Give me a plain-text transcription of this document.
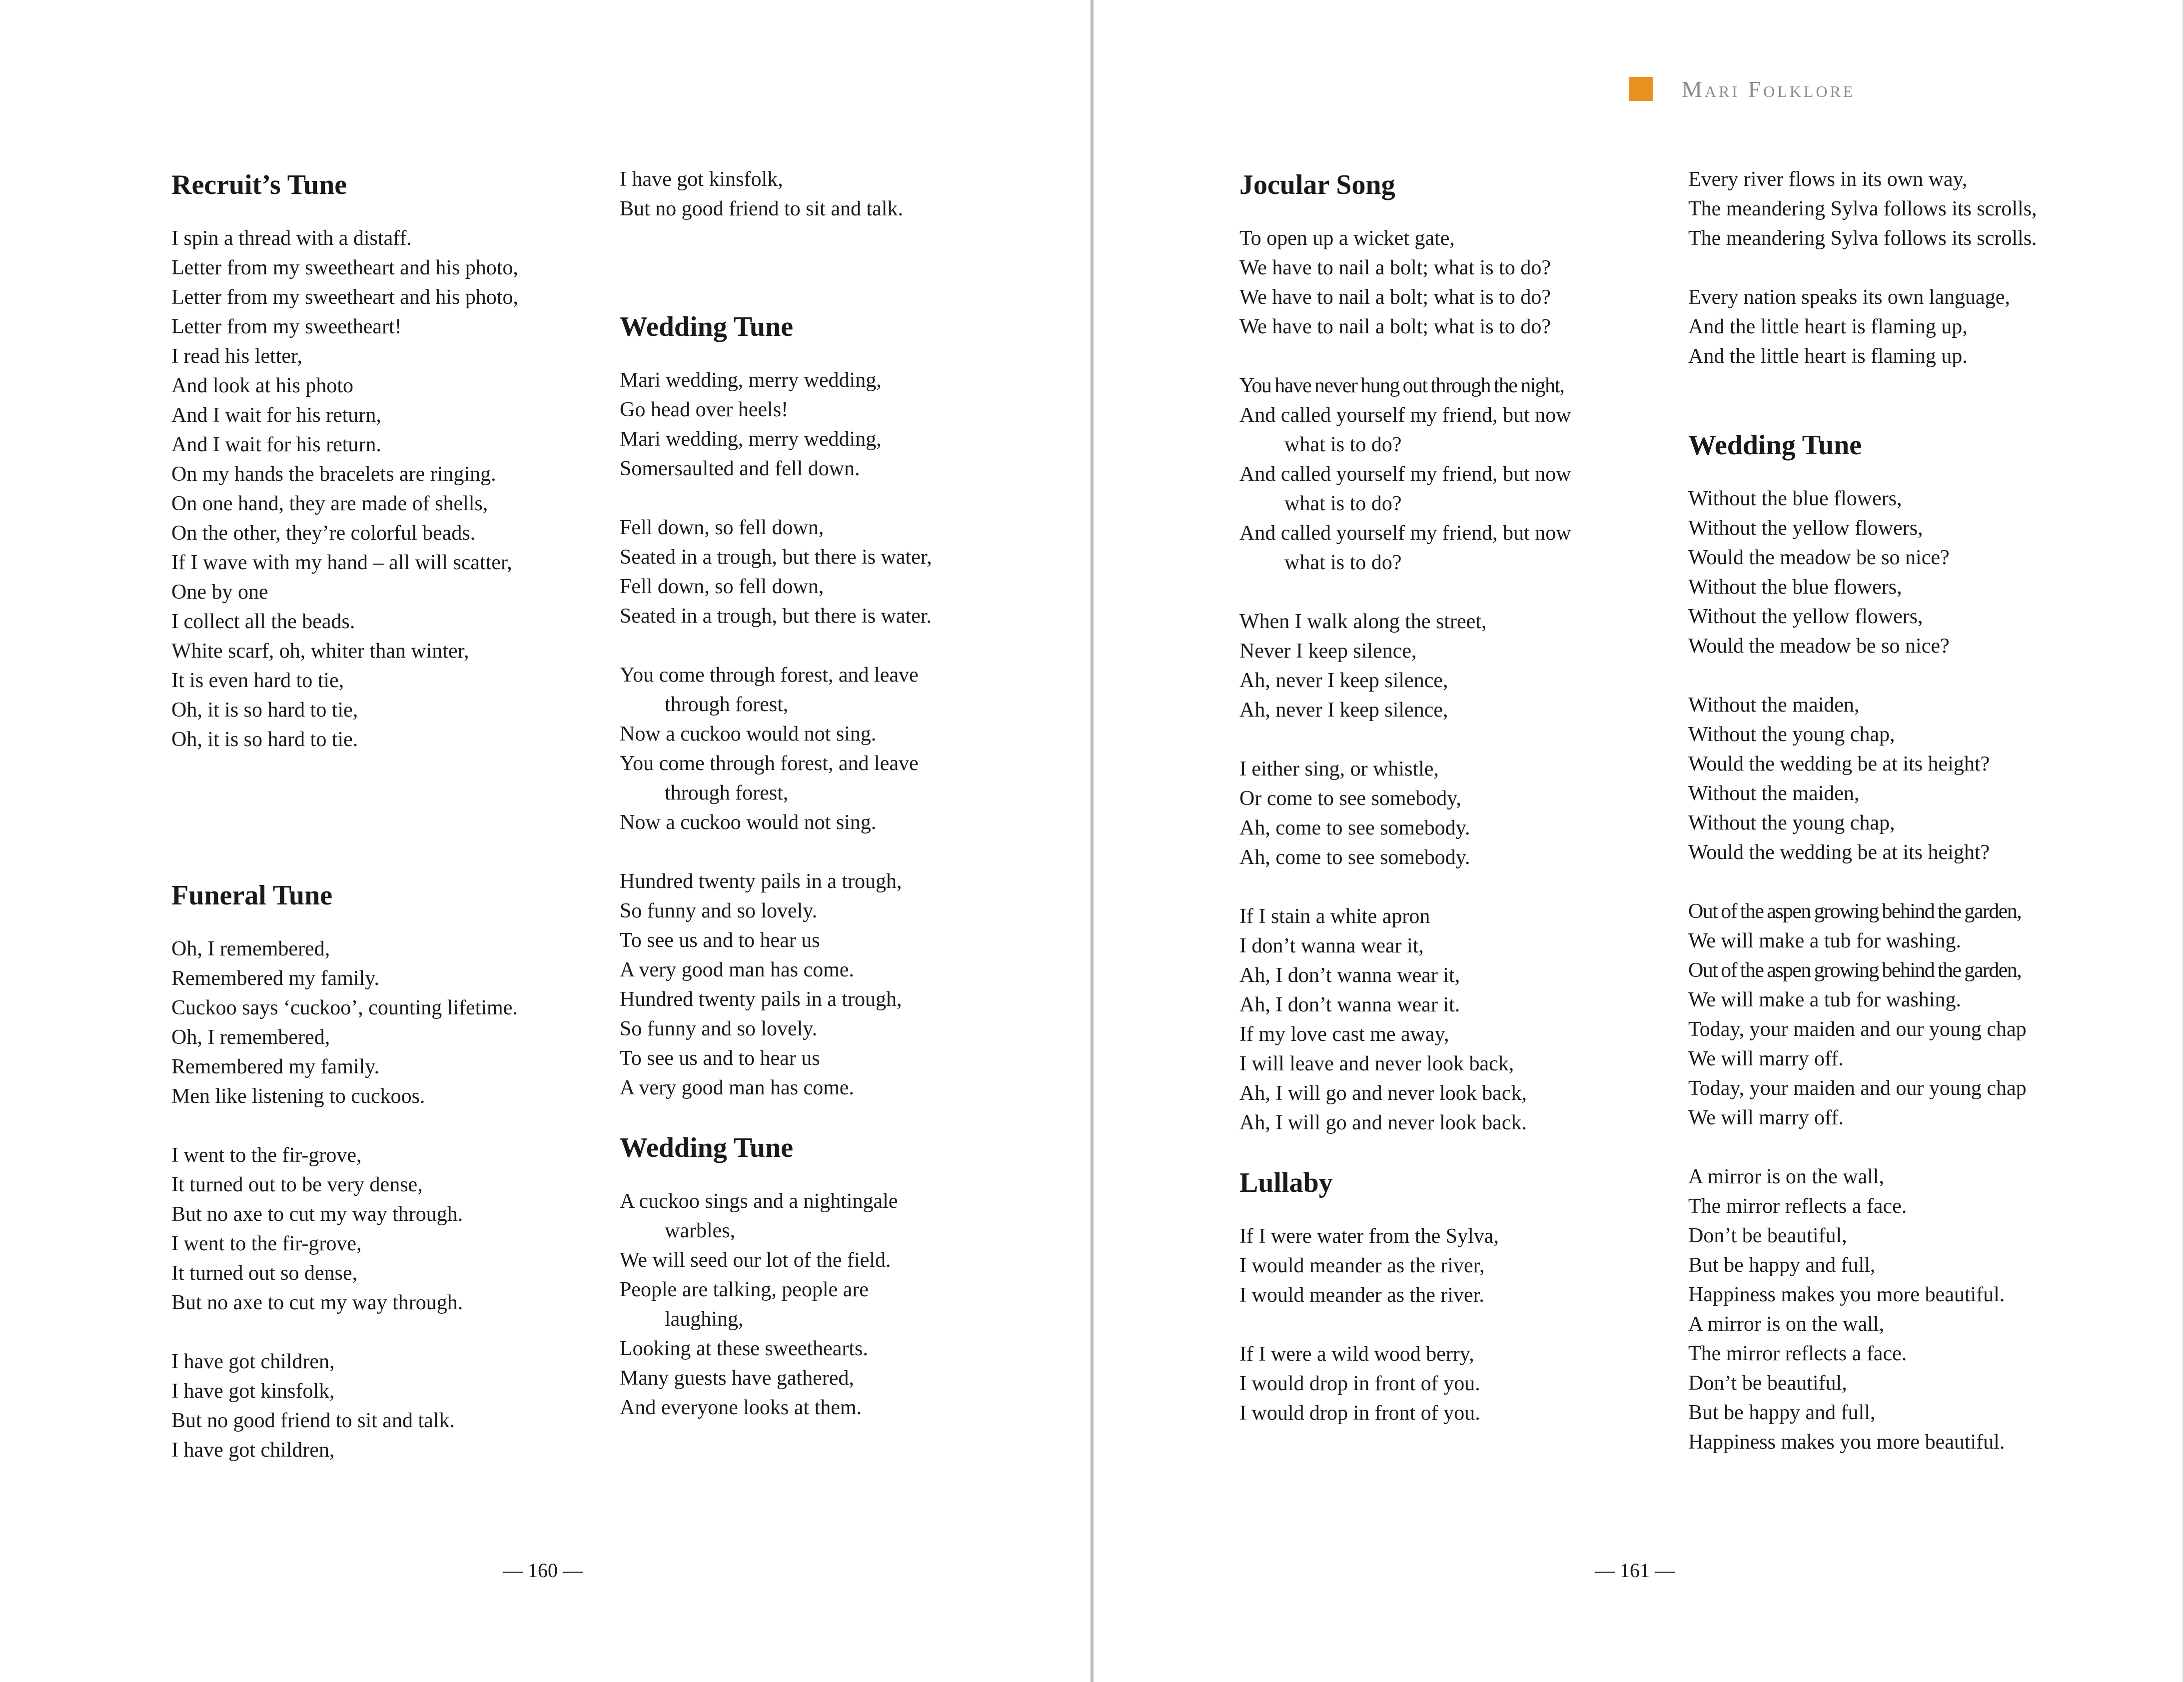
Recruit’s Tune
I spin a thread with a distaff.
Letter from my sweetheart and his photo,
Letter from my sweetheart and his photo,
Letter from my sweetheart!
I read his letter,
And look at his photo
And I wait for his return,
And I wait for his return.
On my hands the bracelets are ringing.
On one hand, they are made of shells,
On the other, they’re colorful beads.
If I wave with my hand – all will scatter,
One by one
I collect all the beads.
White scarf, oh, whiter than winter,
It is even hard to tie,
Oh, it is so hard to tie,
Oh, it is so hard to tie.
Funeral Tune
Oh, I remembered,
Remembered my family.
Cuckoo says ‘cuckoo’, counting lifetime.
Oh, I remembered,
Remembered my family.
Men like listening to cuckoos.
I went to the fir-grove,
It turned out to be very dense,
But no axe to cut my way through.
I went to the fir-grove,
It turned out so dense,
But no axe to cut my way through.
I have got children,
I have got kinsfolk,
But no good friend to sit and talk.
I have got children,
I have got kinsfolk,
But no good friend to sit and talk.
Wedding Tune
Mari wedding, merry wedding,
Go head over heels!
Mari wedding, merry wedding,
Somersaulted and fell down.
Fell down, so fell down,
Seated in a trough, but there is water,
Fell down, so fell down,
Seated in a trough, but there is water.
You come through forest, and leave
through forest,
Now a cuckoo would not sing.
You come through forest, and leave
through forest,
Now a cuckoo would not sing.
Hundred twenty pails in a trough,
So funny and so lovely.
To see us and to hear us
A very good man has come.
Hundred twenty pails in a trough,
So funny and so lovely.
To see us and to hear us
A very good man has come.
Wedding Tune
A cuckoo sings and a nightingale
warbles,
We will seed our lot of the field.
People are talking, people are
laughing,
Looking at these sweethearts.
Many guests have gathered,
And everyone looks at them.
— 160 —
Mari Folklore
Jocular Song
To open up a wicket gate,
We have to nail a bolt; what is to do?
We have to nail a bolt; what is to do?
We have to nail a bolt; what is to do?
You have never hung out through the night,
And called yourself my friend, but now
what is to do?
And called yourself my friend, but now
what is to do?
And called yourself my friend, but now
what is to do?
When I walk along the street,
Never I keep silence,
Ah, never I keep silence,
Ah, never I keep silence,
I either sing, or whistle,
Or come to see somebody,
Ah, come to see somebody.
Ah, come to see somebody.
If I stain a white apron
I don’t wanna wear it,
Ah, I don’t wanna wear it,
Ah, I don’t wanna wear it.
If my love cast me away,
I will leave and never look back,
Ah, I will go and never look back,
Ah, I will go and never look back.
Lullaby
If I were water from the Sylva,
I would meander as the river,
I would meander as the river.
If I were a wild wood berry,
I would drop in front of you.
I would drop in front of you.
Every river flows in its own way,
The meandering Sylva follows its scrolls,
The meandering Sylva follows its scrolls.
Every nation speaks its own language,
And the little heart is flaming up,
And the little heart is flaming up.
Wedding Tune
Without the blue flowers,
Without the yellow flowers,
Would the meadow be so nice?
Without the blue flowers,
Without the yellow flowers,
Would the meadow be so nice?
Without the maiden,
Without the young chap,
Would the wedding be at its height?
Without the maiden,
Without the young chap,
Would the wedding be at its height?
Out of the aspen growing behind the garden,
We will make a tub for washing.
Out of the aspen growing behind the garden,
We will make a tub for washing.
Today, your maiden and our young chap
We will marry off.
Today, your maiden and our young chap
We will marry off.
A mirror is on the wall,
The mirror reflects a face.
Don’t be beautiful,
But be happy and full,
Happiness makes you more beautiful.
A mirror is on the wall,
The mirror reflects a face.
Don’t be beautiful,
But be happy and full,
Happiness makes you more beautiful.
— 161 —
